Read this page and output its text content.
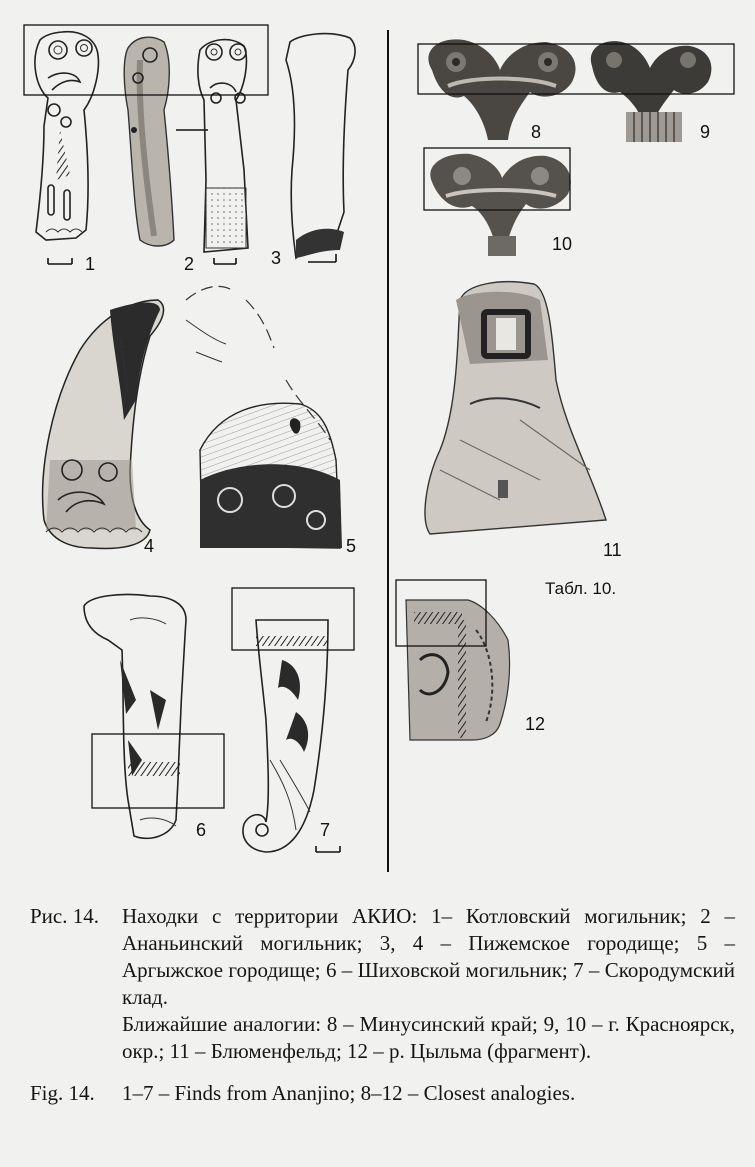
1	2	3
4	5
6	7
8	9
10
11
Табл. 10.
12
Рис. 14.	Находки с территории АКИО: 1– Котловский могильник; 2 – Ананьинский могильник; 3, 4 – Пижемское городище; 5 – Аргыжское городище; 6 – Шиховской могильник; 7 – Скородумский клад.

Ближайшие аналогии: 8 – Минусинский край; 9, 10 – г. Красноярск, окр.; 11 – Блюменфельд; 12 – р. Цыльма (фрагмент).

Fig. 14.	1–7 – Finds from Ananjino; 8–12 – Closest analogies.
